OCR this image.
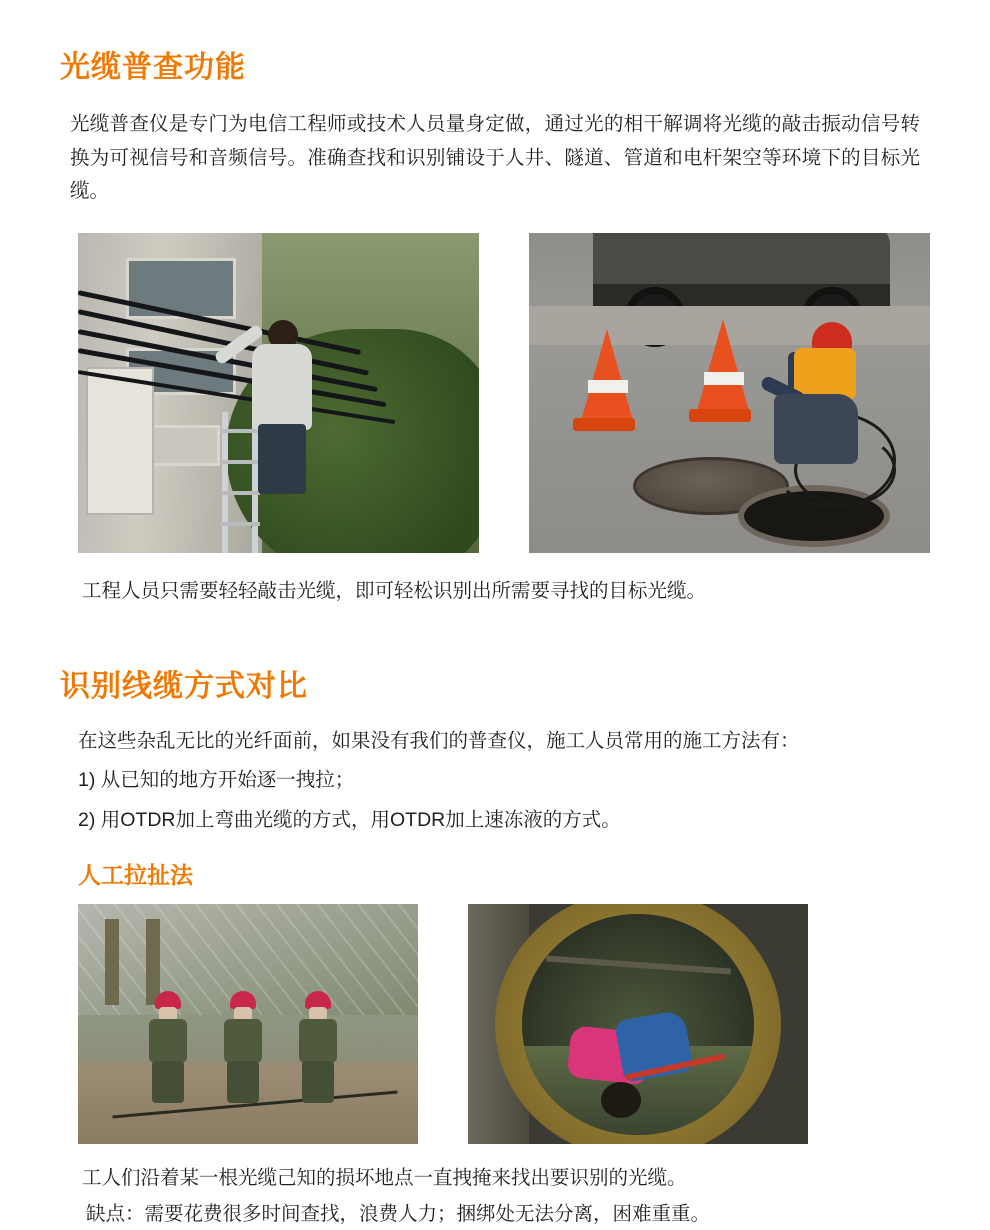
光缆普查功能

光缆普查仪是专门为电信工程师或技术人员量身定做，通过光的相干解调将光缆的敲击振动信号转换为可视信号和音频信号。准确查找和识别铺设于人井、隧道、管道和电杆架空等环境下的目标光缆。

工程人员只需要轻轻敲击光缆，即可轻松识别出所需要寻找的目标光缆。

识别线缆方式对比

在这些杂乱无比的光纤面前，如果没有我们的普查仪，施工人员常用的施工方法有：

1) 从已知的地方开始逐一拽拉；

2) 用OTDR加上弯曲光缆的方式，用OTDR加上速冻液的方式。

人工拉扯法

工人们沿着某一根光缆己知的损坏地点一直拽掩来找出要识别的光缆。

缺点：需要花费很多时间查找，浪费人力；捆绑处无法分离，困难重重。
